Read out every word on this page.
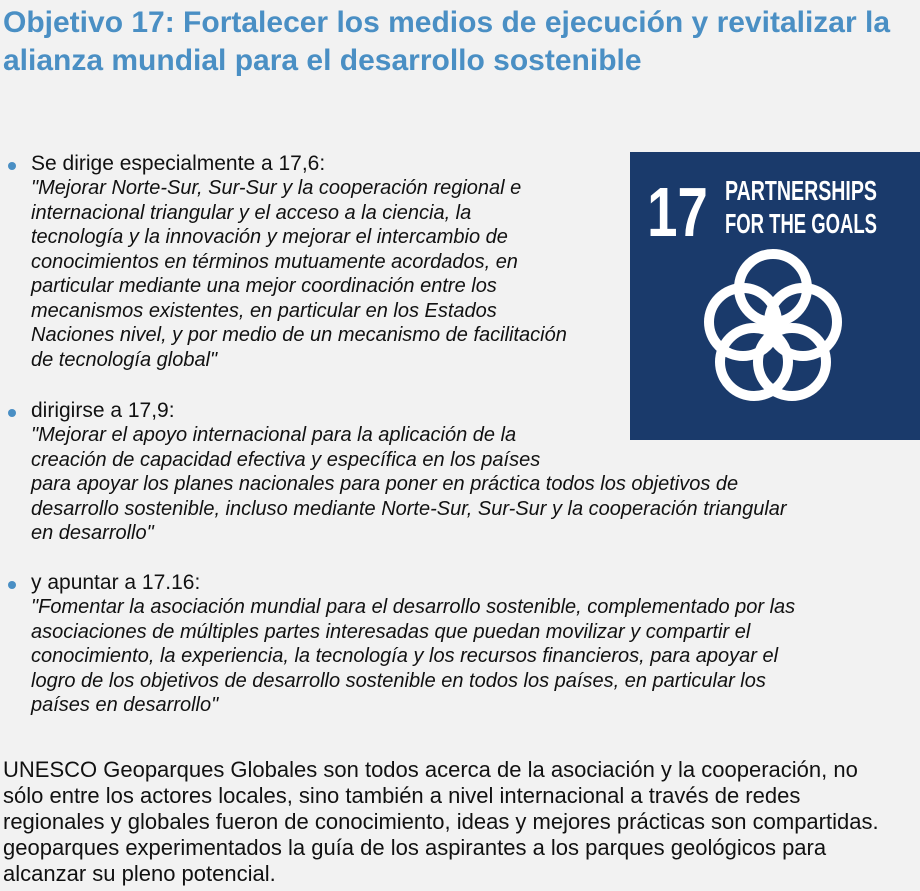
Objetivo 17: Fortalecer los medios de ejecución y revitalizar la alianza mundial para el desarrollo sostenible
Se dirige especialmente a 17,6:
"Mejorar Norte-Sur, Sur-Sur y la cooperación regional e
internacional triangular y el acceso a la ciencia, la
tecnología y la innovación y mejorar el intercambio de
conocimientos en términos mutuamente acordados, en
particular mediante una mejor coordinación entre los
mecanismos existentes, en particular en los Estados
Naciones nivel, y por medio de un mecanismo de facilitación
de tecnología global"
dirigirse a 17,9:
"Mejorar el apoyo internacional para la aplicación de la
creación de capacidad efectiva y específica en los países
para apoyar los planes nacionales para poner en práctica todos los objetivos de
desarrollo sostenible, incluso mediante Norte-Sur, Sur-Sur y la cooperación triangular
en desarrollo"
y apuntar a 17.16:
"Fomentar la asociación mundial para el desarrollo sostenible, complementado por las
asociaciones de múltiples partes interesadas que puedan movilizar y compartir el
conocimiento, la experiencia, la tecnología y los recursos financieros, para apoyar el
logro de los objetivos de desarrollo sostenible en todos los países, en particular los
países en desarrollo"
17 PARTNERSHIPS
FOR THE GOALS

UNESCO Geoparques Globales son todos acerca de la asociación y la cooperación, no sólo entre los actores locales, sino también a nivel internacional a través de redes regionales y globales fueron de conocimiento, ideas y mejores prácticas son compartidas. geoparques experimentados la guía de los aspirantes a los parques geológicos para alcanzar su pleno potencial.
